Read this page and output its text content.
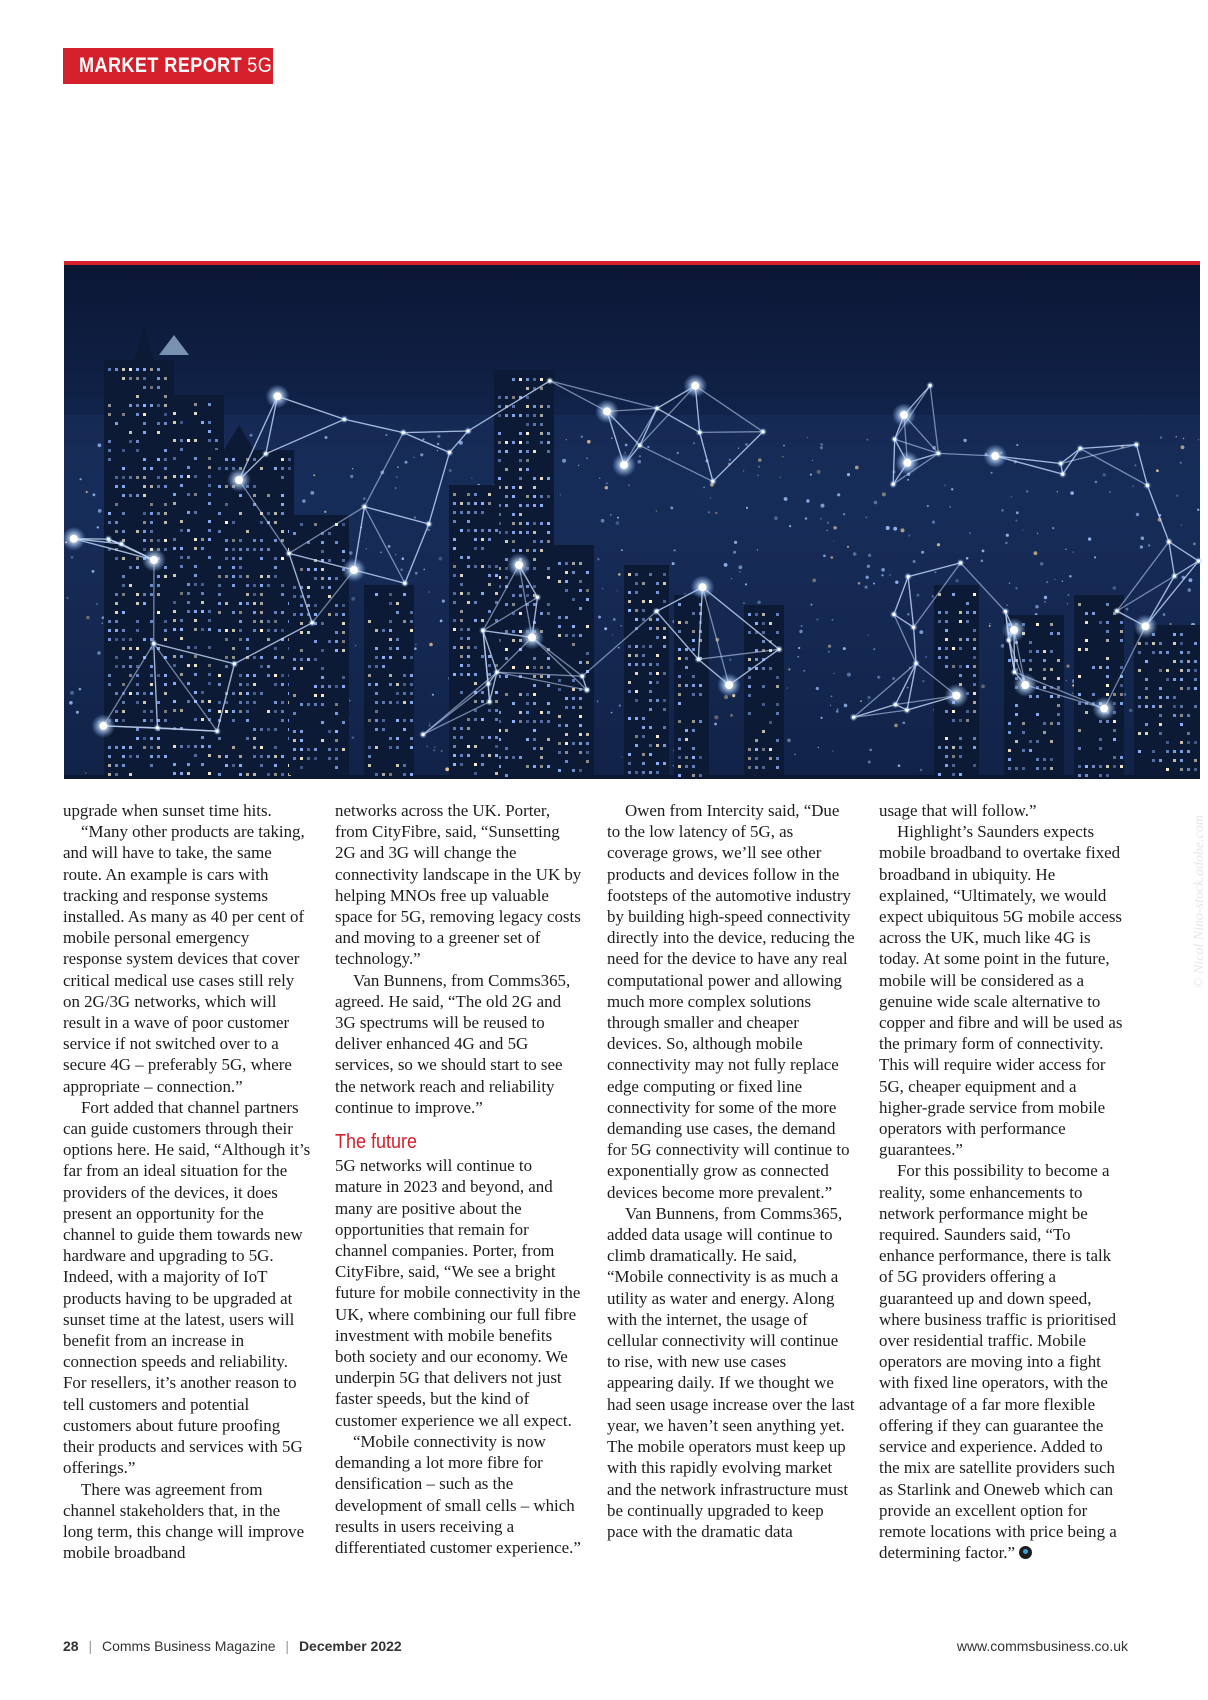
MARKET REPORT 5G
© Nicol Nino-stock.adobe.com

upgrade when sunset time hits.

“Many other products are taking, and will have to take, the same route. An example is cars with tracking and response systems installed. As many as 40 per cent of mobile personal emergency response system devices that cover critical medical use cases still rely on 2G/3G networks, which will result in a wave of poor customer service if not switched over to a secure 4G – preferably 5G, where appropriate – connection.”

Fort added that channel partners can guide customers through their options here. He said, “Although it’s far from an ideal situation for the providers of the devices, it does present an opportunity for the channel to guide them towards new hardware and upgrading to 5G. Indeed, with a majority of IoT products having to be upgraded at sunset time at the latest, users will benefit from an increase in connection speeds and reliability. For resellers, it’s another reason to tell customers and potential customers about future proofing their products and services with 5G offerings.”

There was agreement from channel stakeholders that, in the long term, this change will improve mobile broadband

networks across the UK. Porter, from CityFibre, said, “Sunsetting 2G and 3G will change the connectivity landscape in the UK by helping MNOs free up valuable space for 5G, removing legacy costs and moving to a greener set of technology.”

Van Bunnens, from Comms365, agreed. He said, “The old 2G and 3G spectrums will be reused to deliver enhanced 4G and 5G services, so we should start to see the network reach and reliability continue to improve.”

The future

5G networks will continue to mature in 2023 and beyond, and many are positive about the opportunities that remain for channel companies. Porter, from CityFibre, said, “We see a bright future for mobile connectivity in the UK, where combining our full fibre investment with mobile benefits both society and our economy. We underpin 5G that delivers not just faster speeds, but the kind of customer experience we all expect.

“Mobile connectivity is now demanding a lot more fibre for densification – such as the development of small cells – which results in users receiving a differentiated customer experience.”

Owen from Intercity said, “Due to the low latency of 5G, as coverage grows, we’ll see other products and devices follow in the footsteps of the automotive industry by building high-speed connectivity directly into the device, reducing the need for the device to have any real computational power and allowing much more complex solutions through smaller and cheaper devices. So, although mobile connectivity may not fully replace edge computing or fixed line connectivity for some of the more demanding use cases, the demand for 5G connectivity will continue to exponentially grow as connected devices become more prevalent.”

Van Bunnens, from Comms365, added data usage will continue to climb dramatically. He said, “Mobile connectivity is as much a utility as water and energy. Along with the internet, the usage of cellular connectivity will continue to rise, with new use cases appearing daily. If we thought we had seen usage increase over the last year, we haven’t seen anything yet. The mobile operators must keep up with this rapidly evolving market and the network infrastructure must be continually upgraded to keep pace with the dramatic data

usage that will follow.”

Highlight’s Saunders expects mobile broadband to overtake fixed broadband in ubiquity. He explained, “Ultimately, we would expect ubiquitous 5G mobile access across the UK, much like 4G is today. At some point in the future, mobile will be considered as a genuine wide scale alternative to copper and fibre and will be used as the primary form of connectivity. This will require wider access for 5G, cheaper equipment and a higher-grade service from mobile operators with performance guarantees.”

For this possibility to become a reality, some enhancements to network performance might be required. Saunders said, “To enhance performance, there is talk of 5G providers offering a guaranteed up and down speed, where business traffic is prioritised over residential traffic. Mobile operators are moving into a fight with fixed line operators, with the advantage of a far more flexible offering if they can guarantee the service and experience. Added to the mix are satellite providers such as Starlink and Oneweb which can provide an excellent option for remote locations with price being a determining factor.”

28 | Comms Business Magazine | December 2022	www.commsbusiness.co.uk
